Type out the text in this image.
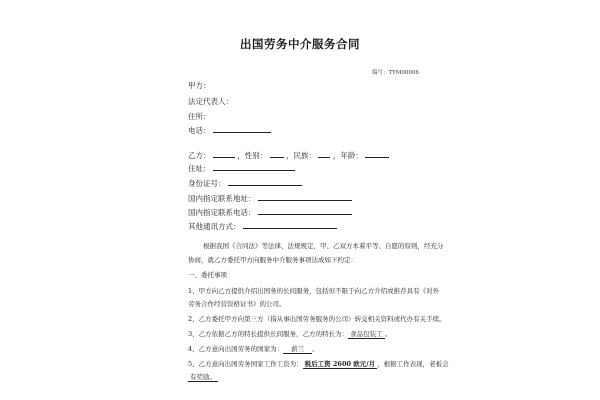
出国劳务中介服务合同
编号：TYM00006
甲方：
法定代表人：
住所：
电话：
乙方：	，性别：	，民族： ，年龄：
住址：
身份证号：
国内指定联系地址：
国内指定联系电话：
其他通讯方式：
根据我国《合同法》等法律、法规规定，甲、乙双方本着平等、自愿的原则，经充分
协商，就乙方委托甲方向服务中介服务事项达成如下约定：
一、委托事项
1、甲方向乙方提供介绍出国务的长间服务，包括但不限于向乙方介绍或推荐具有《对外
劳务合作经营资格证书》的公司。
2、乙方委托甲方向第三方（指从事出国劳务服务的公司）转交相关资料或代办有关手续。
3、乙方依据乙方的特长提供长间服务，乙方的特长为： 食品包装工 。
4、乙方意向出国劳务的国家为： 薪兰 。
5、乙方意向出国劳务国家工作工资为： 税后工资 2600 欧元/月 ，根据工作表现，老板会
有奖励。
